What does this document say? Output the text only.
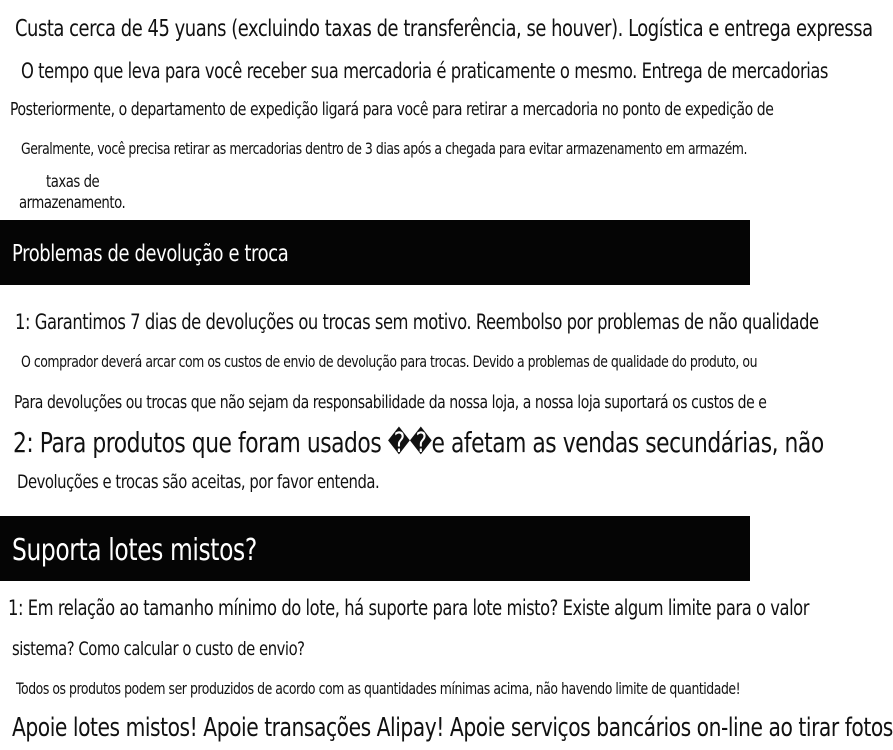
Custa cerca de 45 yuans (excluindo taxas de transferência, se houver). Logística e entrega expressa
O tempo que leva para você receber sua mercadoria é praticamente o mesmo. Entrega de mercadorias
Posteriormente, o departamento de expedição ligará para você para retirar a mercadoria no ponto de expedição de
Geralmente, você precisa retirar as mercadorias dentro de 3 dias após a chegada para evitar armazenamento em armazém.
taxas de
armazenamento.
Problemas de devolução e troca
1: Garantimos 7 dias de devoluções ou trocas sem motivo. Reembolso por problemas de não qualidade
O comprador deverá arcar com os custos de envio de devolução para trocas. Devido a problemas de qualidade do produto, ou
Para devoluções ou trocas que não sejam da responsabilidade da nossa loja, a nossa loja suportará os custos de e
2: Para produtos que foram usados ��e afetam as vendas secundárias, não
Devoluções e trocas são aceitas, por favor entenda.
Suporta lotes mistos?
1: Em relação ao tamanho mínimo do lote, há suporte para lote misto? Existe algum limite para o valor
sistema? Como calcular o custo de envio?
Todos os produtos podem ser produzidos de acordo com as quantidades mínimas acima, não havendo limite de quantidade!
Apoie lotes mistos! Apoie transações Alipay! Apoie serviços bancários on-line ao tirar fotos
